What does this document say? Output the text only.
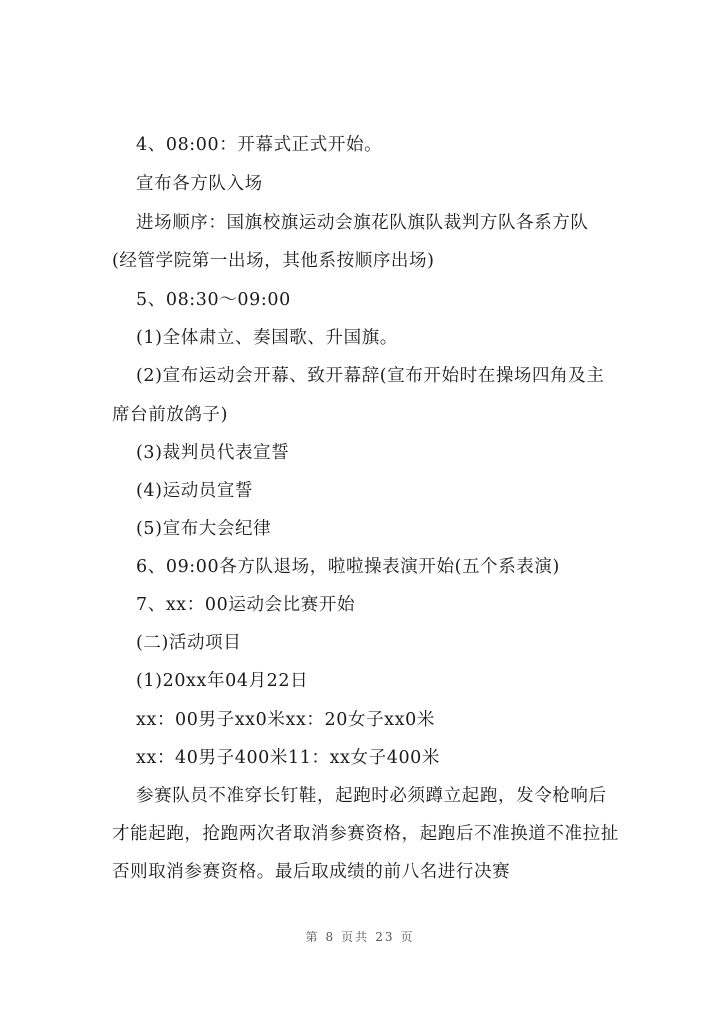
4、08:00：开幕式正式开始。
宣布各方队入场
进场顺序：国旗校旗运动会旗花队旗队裁判方队各系方队
(经管学院第一出场，其他系按顺序出场)
5、08:30～09:00
(1)全体肃立、奏国歌、升国旗。
(2)宣布运动会开幕、致开幕辞(宣布开始时在操场四角及主
席台前放鸽子)
(3)裁判员代表宣誓
(4)运动员宣誓
(5)宣布大会纪律
6、09:00各方队退场，啦啦操表演开始(五个系表演)
7、xx：00运动会比赛开始
(二)活动项目
(1)20xx年04月22日
xx：00男子xx0米xx：20女子xx0米
xx：40男子400米11：xx女子400米
参赛队员不准穿长钉鞋，起跑时必须蹲立起跑，发令枪响后
才能起跑，抢跑两次者取消参赛资格，起跑后不准换道不准拉扯
否则取消参赛资格。最后取成绩的前八名进行决赛
第 8 页共 23 页
